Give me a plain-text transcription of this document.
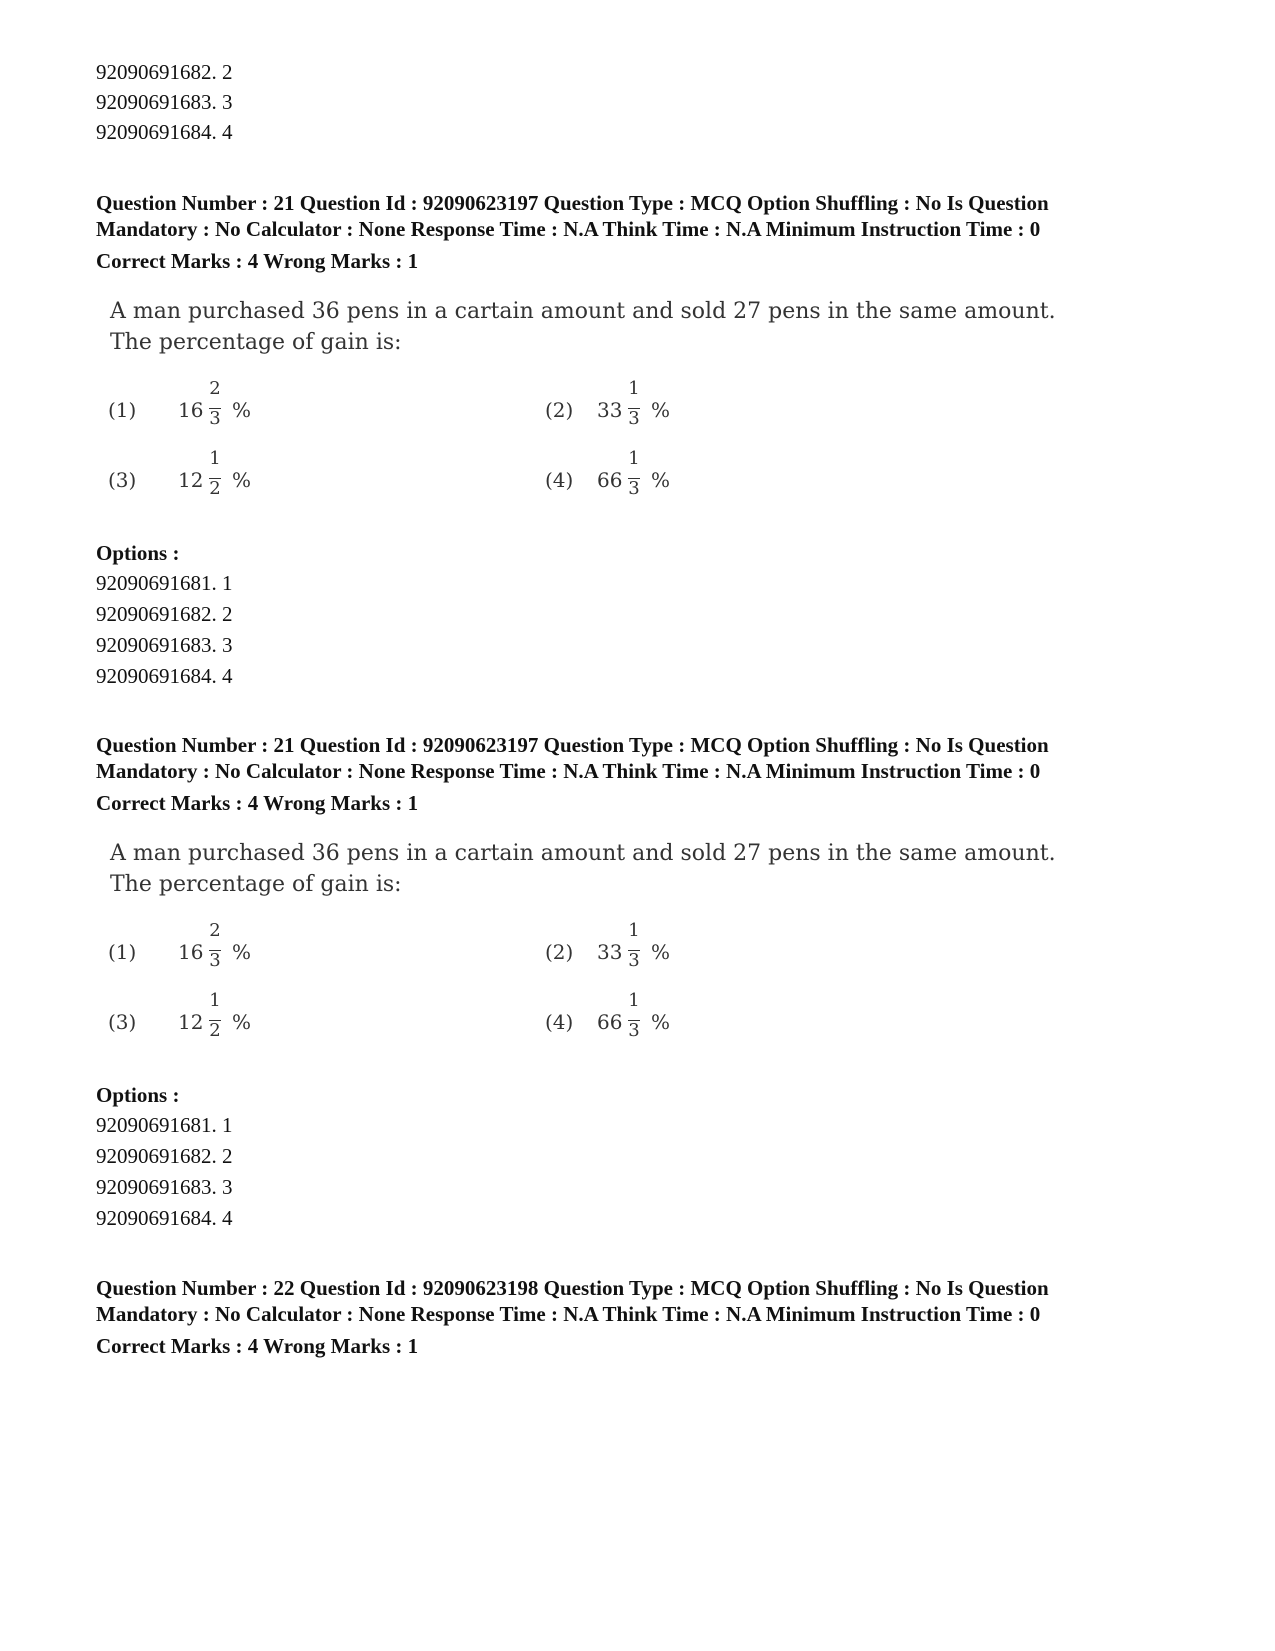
92090691682. 2
92090691683. 3
92090691684. 4
Question Number : 21 Question Id : 92090623197 Question Type : MCQ Option Shuffling : No Is Question
Mandatory : No Calculator : None Response Time : N.A Think Time : N.A Minimum Instruction Time : 0
Correct Marks : 4 Wrong Marks : 1
A man purchased 36 pens in a cartain amount and sold 27 pens in the same amount.
The percentage of gain is:
(1) 16
2
3 %	(2) 33
1
3 %
(3) 12
1
2 %	(4) 66
1
3 %
Options :
92090691681. 1
92090691682. 2
92090691683. 3
92090691684. 4
Question Number : 21 Question Id : 92090623197 Question Type : MCQ Option Shuffling : No Is Question
Mandatory : No Calculator : None Response Time : N.A Think Time : N.A Minimum Instruction Time : 0
Correct Marks : 4 Wrong Marks : 1
A man purchased 36 pens in a cartain amount and sold 27 pens in the same amount.
The percentage of gain is:
(1) 16
2
3 %	(2) 33
1
3 %
(3) 12
1
2 %	(4) 66
1
3 %
Options :
92090691681. 1
92090691682. 2
92090691683. 3
92090691684. 4
Question Number : 22 Question Id : 92090623198 Question Type : MCQ Option Shuffling : No Is Question
Mandatory : No Calculator : None Response Time : N.A Think Time : N.A Minimum Instruction Time : 0
Correct Marks : 4 Wrong Marks : 1
